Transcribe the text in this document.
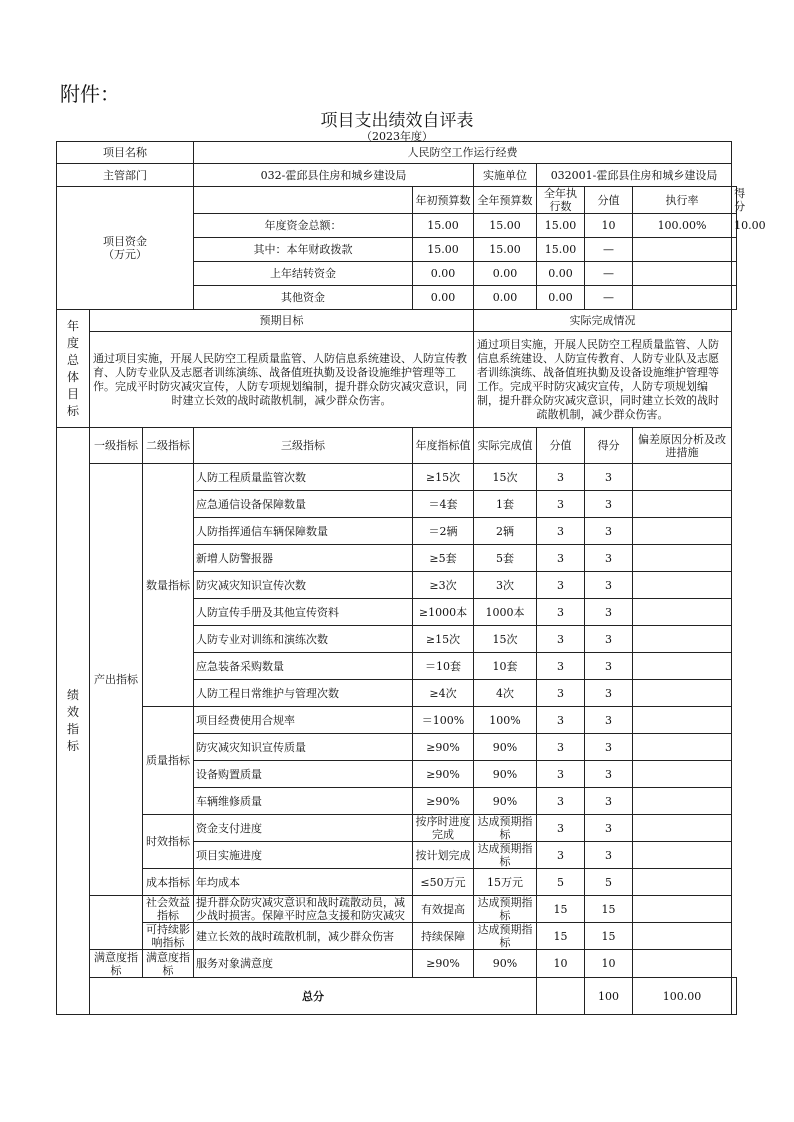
附件：
项目支出绩效自评表
（2023年度）
项目名称			人民防空工作运行经费						
主管部门			032-霍邱县住房和城乡建设局		实施单位	032001-霍邱县住房和城乡建设局			
项目资金（万元）				年初预算数	全年预算数	全年执行数	分值	执行率	得分
			年度资金总额：	15.00	15.00	15.00	10	100.00%	10.00
			其中：本年财政拨款	15.00	15.00	15.00	—		
			上年结转资金	0.00	0.00	0.00	—		
			其他资金	0.00	0.00	0.00	—		
年度总体目标	预期目标				实际完成情况				
	通过项目实施，开展人民防空工程质量监管、人防信息系统建设、人防宣传教育、人防专业队及志愿者训练演练、战备值班执勤及设备设施维护管理等工作。完成平时防灾减灾宣传，人防专项规划编制，提升群众防灾减灾意识，同时建立长效的战时疏散机制，减少群众伤害。				通过项目实施，开展人民防空工程质量监管、人防信息系统建设、人防宣传教育、人防专业队及志愿者训练演练、战备值班执勤及设备设施维护管理等工作。完成平时防灾减灾宣传，人防专项规划编制，提升群众防灾减灾意识，同时建立长效的战时疏散机制，减少群众伤害。				
绩效指标	一级指标	二级指标	三级指标	年度指标值	实际完成值	分值	得分	偏差原因分析及改进措施	
	产出指标	数量指标	人防工程质量监管次数	≥15次	15次	3	3		
			应急通信设备保障数量	＝4套	1套	3	3		
			人防指挥通信车辆保障数量	＝2辆	2辆	3	3		
			新增人防警报器	≥5套	5套	3	3		
			防灾减灾知识宣传次数	≥3次	3次	3	3		
			人防宣传手册及其他宣传资料	≥1000本	1000本	3	3		
			人防专业对训练和演练次数	≥15次	15次	3	3		
			应急装备采购数量	＝10套	10套	3	3		
			人防工程日常维护与管理次数	≥4次	4次	3	3		
		质量指标	项目经费使用合规率	＝100%	100%	3	3		
			防灾减灾知识宣传质量	≥90%	90%	3	3		
			设备购置质量	≥90%	90%	3	3		
			车辆维修质量	≥90%	90%	3	3		
		时效指标	资金支付进度	按序时进度完成	达成预期指标	3	3		
			项目实施进度	按计划完成	达成预期指标	3	3		
		成本指标	年均成本	≤50万元	15万元	5	5		
		社会效益指标	提升群众防灾减灾意识和战时疏散动员，减少战时损害。保障平时应急支援和防灾减灾	有效提高	达成预期指标	15	15		
		可持续影响指标	建立长效的战时疏散机制，减少群众伤害	持续保障	达成预期指标	15	15		
	满意度指标	满意度指标	服务对象满意度	≥90%	90%	10	10		
	总分						100	100.00	
